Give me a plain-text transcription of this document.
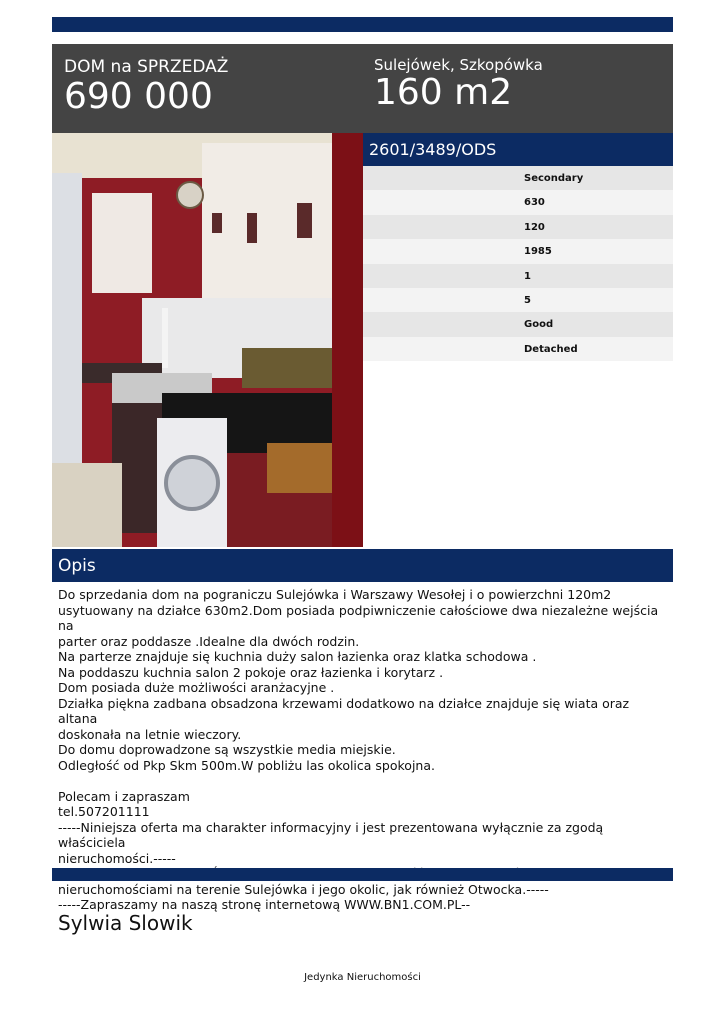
DOM na SPRZEDAŻ
690 000
Sulejówek, Szkopówka
160 m2
2601/3489/ODS
Secondary
630
120
1985
1
5
Good
Detached
Opis

Do sprzedania dom na pograniczu Sulejówka i Warszawy Wesołej i o powierzchni 120m2

usytuowany na działce 630m2.Dom posiada podpiwniczenie całościowe dwa niezależne wejścia na

parter oraz poddasze .Idealne dla dwóch rodzin.

Na parterze znajduje się kuchnia duży salon łazienka oraz klatka schodowa .

Na poddaszu kuchnia salon 2 pokoje oraz łazienka i korytarz .

Dom posiada duże możliwości aranżacyjne .

Działka piękna zadbana obsadzona krzewami dodatkowo na działce znajduje się wiata oraz altana

doskonała na letnie wieczory.

Do domu doprowadzone są wszystkie media miejskie.

Odległość od Pkp Skm 500m.W pobliżu las okolica spokojna.

Polecam i zapraszam

tel.507201111

-----Niniejsza oferta ma charakter informacyjny i jest prezentowana wyłącznie za zgodą właściciela

nieruchomości.-----

nieruchomościami na terenie Sulejówka i jego okolic, jak również Otwocka.-----

-----Zapraszamy na naszą stronę internetową WWW.BN1.COM.PL--

Sylwia Slowik
Jedynka Nieruchomości
